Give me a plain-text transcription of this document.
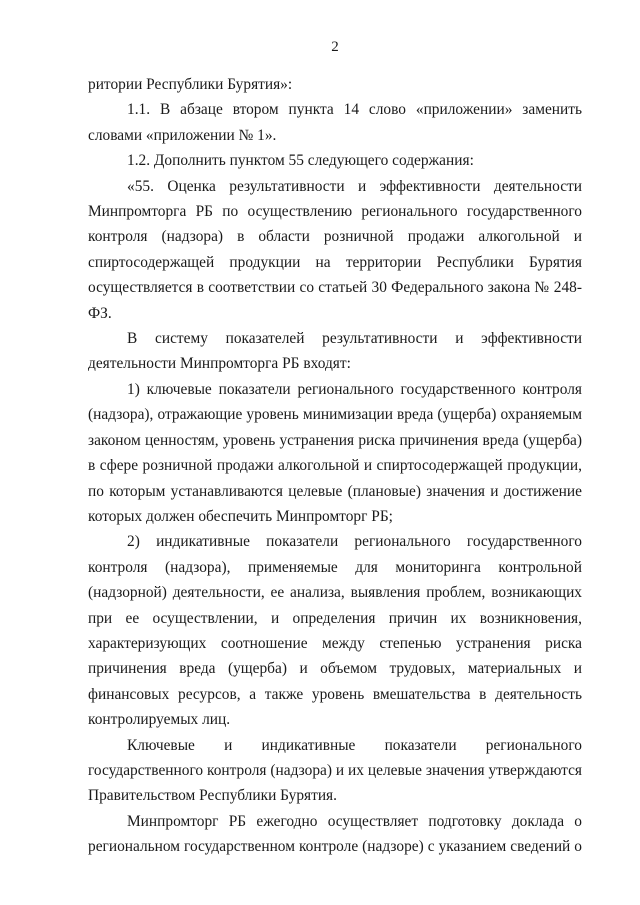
2

ритории Республики Бурятия»:

1.1. В абзаце втором пункта 14 слово «приложении» заменить словами «приложении № 1».

1.2. Дополнить пунктом 55 следующего содержания:

«55. Оценка результативности и эффективности деятельности Минпромторга РБ по осуществлению регионального государственного контроля (надзора) в области розничной продажи алкогольной и спиртосодержащей продукции на территории Республики Бурятия осуществляется в соответствии со статьей 30 Федерального закона № 248-ФЗ.

В систему показателей результативности и эффективности деятельности Минпромторга РБ входят:

1) ключевые показатели регионального государственного контроля (надзора), отражающие уровень минимизации вреда (ущерба) охраняемым законом ценностям, уровень устранения риска причинения вреда (ущерба) в сфере розничной продажи алкогольной и спиртосодержащей продукции, по которым устанавливаются целевые (плановые) значения и достижение которых должен обеспечить Минпромторг РБ;

2) индикативные показатели регионального государственного контроля (надзора), применяемые для мониторинга контрольной (надзорной) деятельности, ее анализа, выявления проблем, возникающих при ее осуществлении, и определения причин их возникновения, характеризующих соотношение между степенью устранения риска причинения вреда (ущерба) и объемом трудовых, материальных и финансовых ресурсов, а также уровень вмешательства в деятельность контролируемых лиц.

Ключевые и индикативные показатели регионального государственного контроля (надзора) и их целевые значения утверждаются Правительством Республики Бурятия.

Минпромторг РБ ежегодно осуществляет подготовку доклада о региональном государственном контроле (надзоре) с указанием сведений о
